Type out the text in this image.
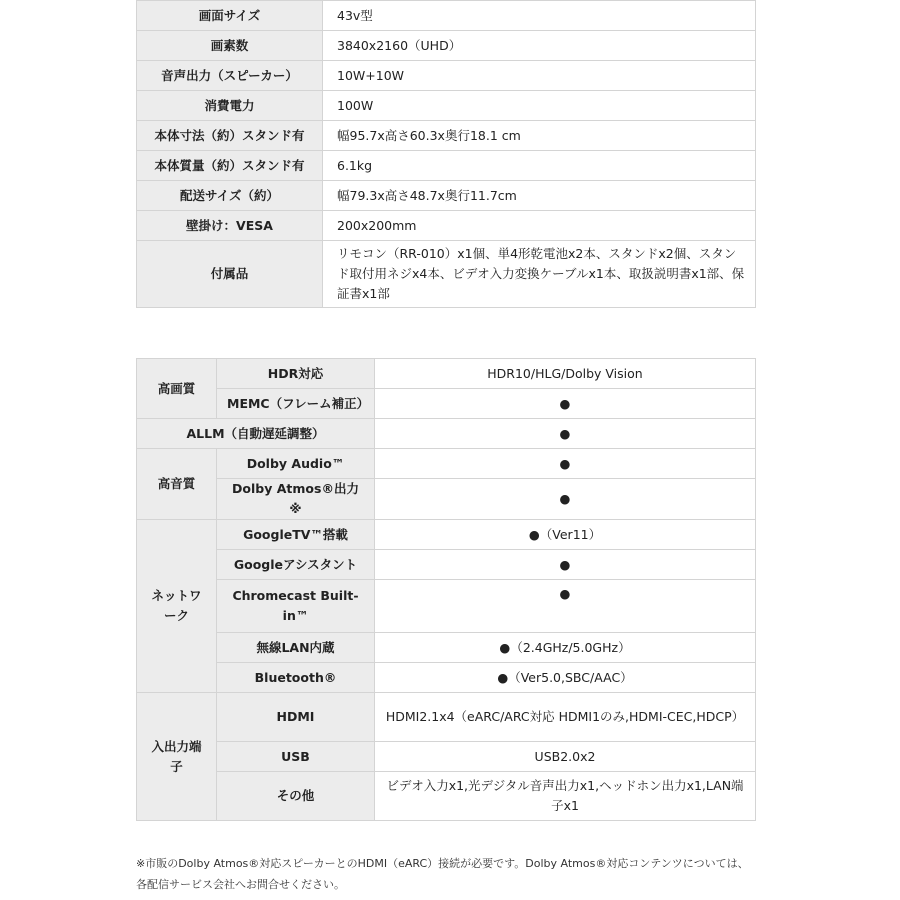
画面サイズ	43v型
画素数	3840x2160（UHD）
音声出力（スピーカー）	10W+10W
消費電力	100W
本体寸法（約）スタンド有	幅95.7x高さ60.3x奥行18.1 cm
本体質量（約）スタンド有	6.1kg
配送サイズ（約）	幅79.3x高さ48.7x奥行11.7cm
壁掛け：VESA	200x200mm
付属品	リモコン（RR-010）x1個、単4形乾電池x2本、スタンドx2個、スタンド取付用ネジx4本、ビデオ入力変換ケーブルx1本、取扱説明書x1部、保証書x1部
高画質	HDR対応	HDR10/HLG/Dolby Vision
	MEMC（フレーム補正）	●
ALLM（自動遅延調整）		●
高音質	Dolby Audio™	●
	Dolby Atmos®出力※	●
ネットワーク	GoogleTV™搭載	●（Ver11）
	Googleアシスタント	●
	Chromecast Built-in™	●
	無線LAN内蔵	●（2.4GHz/5.0GHz）
	Bluetooth®	●（Ver5.0,SBC/AAC）
入出力端子	HDMI	HDMI2.1x4（eARC/ARC対応 HDMI1のみ,HDMI-CEC,HDCP）
	USB	USB2.0x2
	その他	ビデオ入力x1,光デジタル音声出力x1,ヘッドホン出力x1,LAN端子x1

※市販のDolby Atmos®対応スピーカーとのHDMI（eARC）接続が必要です。Dolby Atmos®対応コンテンツについては、各配信サービス会社へお問合せください。
